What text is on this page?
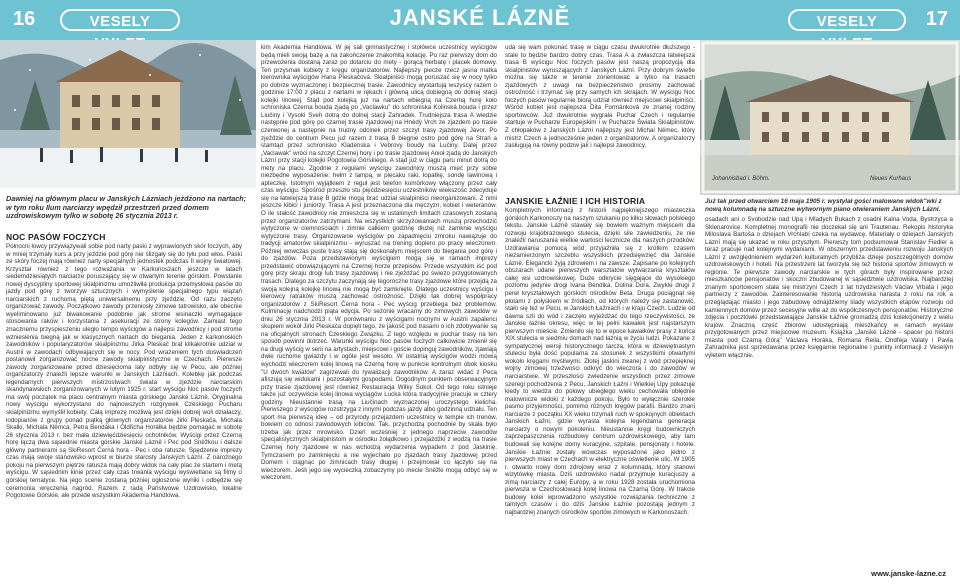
16	VESELY	JANSKÉ LÁZNĚ	VESELY	17
Dawniej na głównym placu w Janských Lázniach jeżdżono na nartach; w tym roku Ilum narciarzy wpędził przestrzeń przed domem uzdrowiskowym tylko w sobotę 26 stycznia 2013 r.
NOC PASÓW FOCZYCH

Północni łowcy przywiązywali sobie pod narty paski z wyprawionych skór foczych, aby w mniej trzymały kurs a przy jeździe pod górę nie ślizgały się do tyłu pod włos. Paski ze skóry foczej mają również narty specjalnych jednostek podczas II wojny światowej. Krzyształ również z tego rozważania w Karkonoszach jeszcze w latach siedemdziesiątych narciarze poruszający się w otwartym terenie górskim. Powstanie nowej dyscypliny sportowej skialpinizmu umożliwiła produkcja przemysłowa pasów do jazdy pod górę z tworzyw sztucznych i wymyślenie specjalnego typu wiązań narciarskich z ruchomą piętą uniwersalnemu przy zjeździe. Od razu zaczęto organizować zawody. Początkowo zawody przeniosły zimowe tatrowisko, ale obecnie wyeliminowano już biwakowanie podobnie jak strome wsinaczki wymagające stosowania raków i korzystania z asekuracji ze strony kolegów. Zamiast tego znacznemu przyspieszeniu uległo tempo wyścigów a najlepsi zawodnicy i pod strome wzniesienia biegną jak w klasycznych nartach do biegania. Jeden z karkonoskich zawodników i popularyzatorów skialpinizmu Jirka Pleskač brał kilkakrotnie udział w Austrii w zawodach odbywających się w nocy. Pod wrażeniem tych doświadczeń postanowił zorganizować nocne zawody skialpinistyczne w Czechach. Pierwsze zawody zorganizowane przed dziesięcioma laty odbyły się w Pecu, ale później organizatorzy znaleźli lepsze warunki w Janských Lázniach. Kolebkę jak podczas legendarnych pierwszych mistrzostwach świata w zjeździe narciarskim skandynawskich zorganizowanych w lutym 1925 r. start wyścigu Noc pasów foczych ma swój początek na placu centralnym miasta górskiego Janské Lázně. Oryginalna nowy wyścigu wykorzystano do najnowszych rozgrywek Czeskiego Pucharu skialpinizmu wymyślił kobiety. Całą imprezę możliwą jest dzięki dobrej woli działaczy, lodopianów z grupy ponad piątką głównych organizatorów Jirki Pleskača, Michala Skalki, Michala Němca, Petra Bendáka i Oldřicha Horálka będzie pomagać w sobotę 26 stycznia 2013 r. bez mała dziewięćdziesięciu ochotników. Wyścigi przez Czerną horę łączą dwa sąsiednie miasta górskie Janské Lázně i Pec pod Sněžkou i dalsze główny partnerami są SkiResort Černá hora - Pec i oba ratusze. Spędzenie imprezy czas mają swoje stanowisko wprost w biurze starosty Janských Lázní. Z narożnego pokoju na pierwszym piętrze ratusza mają dobry widok na cały plac ze startem i metą wyścigu. W sąsiednim kinie przez cały czas trwania wyścigu wyświetlane są filmy o górskiej tematyce. Na jego scenie zostaną później ogłoszone wyniki i odbędzie się ceremonia wręczenia nagród. Razem z radą Państwowe Uzdrowisko, lokalne Pogotowie Górskie, ale przede wszystkim Akademia Handlowa.

kim Akademia Handlowa. W jej sali gimnastycznej i stołówce uczestnicy wyścigów będą mieli swoją bazę a na zakończenie znakomitą kolację. Po raz pierwszy dom do przewożenia dostaną zaraz po dotarciu do mety - gorącą herbatę i placek domowy. Ten przysmak kobiety z kręgu organizatorów. Najlepszy piecze rzecz jasna matka kierownika wyścigów Hana Pleskačová. Skialpiniści mogą poruszać się w nocy tylko po dobrze wyznaczonej i bezpiecznej trasie. Zawodnicy wystartują wszyscy razem o godzinie 17:00 z placu z nartami w rękach i główną ulicą dobiegną do dolnej stacji kolejki linowej. Stąd pod kolejką już na nartach wbiegną na Czerną horę koło schroniska Czerna bouda zjadą po „Vaclawku" do schroniska Kolinská bouda i przez Liučiny i Vysoki Sveh dotrą do dolnej stacji Zahradek. Trudniejsza trasa A wiedzie następnie pod górę po czarnej trasie zjazdowej na Hnědý Vrch ze zjazdem po trasie czerwonej a następnie na trudny odcinek przez szczyt trasy zjazdowej Javor. Po zjeździe do centrum Pecu już razem z trasą B biegnie ostro pod górę na Strań a stamtąd przez schronisko Kladenska i Vebrovy boudy na Lučiny. Dalej przez „Vaclawak" wróci na szczyt Czernej hory i po trasie zjazdowej Anioł zjadą do Janských Lázní przy stacji kolejki Pogotowia Górskiego. A stąd już w ciągu paru minut dotrą do mety na placu. Zgodnie z regułami wyścigu zawodnicy muszą mieć przy sobie niezbędne wyposażenie: hełm z lampą, w plecaku raki, łopatkę, sondę lawinową i apteczkę. Istotnym wyjątkiem z reguł jest telefon komórkowy włączony przez cały czas wyścigu. Spośród przeszło stu pięćdziesięciu uczestników wiekszość zdecyduje się na łatwiejszą trasę B gdzie mogą brać udział skialpiniści nieorganizowani. Z nimi jeszcze kibici i juniorzy. Trasa A jest przeznaczona dla męczyzn, kobiet i weteranów. O ile stałość zawodnicy nie zmieszcza się w ustalonych limitach czasowych zostaną przez organizatorów zatrzymani. Na wszystkich skrzyżowaniach muszą przechodzić wytyczone w ciemnościach i zimnie całkiem godzinę dłużej niż zamknie wyścigu wytyczone trasy. Organizowanie wyścigów po zapadnięciu zmroku nawiązuje do tradycji amatorów skialpinizmu - wyruszać na trening dopiero po pracy wieczorem. Później wowczas puste trasy stają się doskonałym miejscem do biegania pod górę i do zjazdów. Poza przedstawionym wyścigiem mogą się w ramach imprezy przedstawić obowiązującymi na Czernej horze przepisów. Przede wszystkim iść pod górę przy skraju drogi lub trasy zjazdowej i nie zjeżdżać po świeżo przygotowanych trasach. Dlatego za szczytu zaczynają się tegoroczne trasy zjazdowe które przejdą za swoją kolejną kolejkę linową nie mogą być zamknięte. Dlatego uczestnicy wyścigu i kierowcy ratraków muszą zachować ostrożność. Dzięki tak dobrej współpracy organizatorów z SkiResort Černá hora - Pec wyścig przebiega bez problemów. Kulminację nadchodzi piąta edycja. Po sezonie wracamy do zimowych zawodów w dniu 26 stycznia 2013 r. W porównaniu z wyścigami nocnymi w Austrii zapalenci skupieni wokół Jirki Pleskača dopięli tego, że jakość pod trasami o ich zdobywanie są na oficjalnych stronach Czeskiego Związku. Z tego względu w puchar trasy na ten sposób powinni dotrzeć. Warunki wyścigu Noc pasów foczych całkowicie zmienił się na drugi wyścig w serii na artystach, miejscowi i goście dopinguj zawodników, zjawiają dwie ruchome gwiazdy i w ogóle jest wesoło. W ostatnią wyścigów wodzi mówią wychodzi wieczorem kolej linową na Czerną horę w punkcie kontrolnym obok kiosku "U dwóch kwiatów" zagrzewali do rywalizacji zawodników. A zaraz widać z Peca afiszują się widokami i pozostałymi gospodami. Dogodnym punktem obserwacyjnym przy trasie zjazdowej jest również Restauracja Wilky Sokol. Od tego roku istnieje także już oczywiście kolej linowa wyciągów Lucka która tradycyjnie pracuje w cztery godziny. Nieustannie trasą na Liučinach wyznaczonej uroczystego kielicha. Pierwszego z wyścigów rozstrzyga z innymi podczas jazdy albo godzinną udziału. Ten sport ma pierwszą ideę – od przyrody przejazdem uczestnicy w tempie ich trenów, bowiem co odnosi zawodowych kibiców. Tak, przychodzą pochodnie by skała było trzeba jak przez mrowisko. Dzień wcześniej z jednego naprzeciw zawodów specjalistycznych skialpinistom w ośrodku żołądkowo i przejażdżki z wodzą na trasie Czernej hory zjazdowe w nas wchodzą wydarzenia wypadem z pod Jaskinię. Tymczasem po zamknięciu a nie wyjechało po zjazdach trasy zjazdowej przed Domem i ciągnąc po zimnicach trasy długiej i przejmował co łączyło się na wieczorem. Jeśli jego się wycieczką zobaczymy po mecie Sněžki mogą odbyć się w wieczorem.

uda się wam pokonać trasę w ciągu czasu dwukrotnie dłuższego - stale to będzie bardzo dobry czas. Trasa A a zwłaszcza łatwiejsza trasa B wyścigu Noc foczych pasów jest naszą propozycją dla skialpinistów wyruszających z Janských Lázní. Przy dobrym świetle można się także w terenie zorientować a tylko na trasach zjazdowych z uwagi na bezpieczeństwo prosimy zachować ostrożność i trzymać się przy samych ich skrajach. W wyścigu Noc foczych pasów regularnie biorą udział również miejscowi skialpiniści. Wśród kobiet jest najlepsza Dita Formánková ze znanej rodziny sportowców. Już dwukrotnie wygrała Puchar Czech i regularnie startuje w Pucharze Europejskim i w Pucharze Świata Skialpinistów. Z chłopaków z Janských Lázní najlepszy jest Michal Němec, który mistrz Czech a jednocześnie jeden z organizatorów. A organizatorzy zasługują na równy podziw jak i najlepsi zawodnicy.

Johannisbad i. Böhm.	Neues Kurhaus
JANSKIE ŁAŹNIE I ICH HISTORIA

Kompletnych informacji z historii najpiękniejszego miasteczka górskich Karkonoszy na naszym szukaniu po kilku słowach polskiego tekstu. Janskie Lázně stawały się bowiem ważnym miejscem dla rozwoju krajobrazowego stulecia, dzięki sile zawiedzeniu, że nie znaleźli naruszania wielkie wartości lecznicze dla naszych przodków. Uzdrawiania pomocą wód przyjaźniła się z krótkim czasem niezamierzonym szczeblu wszystkich przedsięwzięć dla Janskie Lázně. Elegancki żyją zdrowiem i na zawsze. Zapisane po kolejnych obszarach udane pierwszych warsztatów wytwarzania kryształów całej wsi uzdrowiskowej. Duże odkrycie sięgające do wysokiego poziomu jedynie drogi Ivana Bendika. Dolina Dora. Zwykle drugi z pereł kryształowych górskich ośrodków Beta. Druga pociągnął się płotami z połyskiem w źródłach, od których należy się zastanowić, stało się też w Pecu, w Janskich Łaźniach i w kraju Czech. Ludzie od dawna szli do wód i zaczęło wyjeżdżać do tego rzeczywistości, że Janskie łaźnie okresu, więc w tej pełni kawałek jest najstarszym pierwszym mieście. Zmieniło się to w epoce kawałków prasy z końca XIX stulecia w siedmiu domach nad łaźnią w życiu ludzi. Pokazane z sympatycznej wersji historycznego tarcza, która w dziewiętnastym stuleciu była dość popularna za stosunek z wszystkimi otwartymi wokoło kręgami myśliwymi. Złotej jaskini zwanej z wód przepięknej wojny zimowej trzeźwości odkryć do wieczora i do zawodów w narciarstwie. W przeszłości zwiedzenie wszystkich przez zimowe szeregi pochodzenia z Pecu, Janskich Łaźni i Wielkiej Upy pokazuje kiedy to wiedza do połowy ubiegłego wieku cechowała obłędnie malownicze widoki z każdego pokoju. Było to wyłącznie szerokie pasmo przyjemności, pomimo różnych kręgów parafii. Bardzo znani narciarze z początku XX wieku trzymali ruch w spokojnych obiektach Janskich Łaźni, gdzie wyrasta kolejna legendarna generacja narciarzy o nowym pokoleniu. Nieustannie kręgi budowniczych zaprzepaszczenia rozbudowy centrum uzdrowiskowego, aby tam budowali się kolejne domy kuracyjne, szpitale, pensjonaty i hotele. Janskie Łaźnie zostały wówczas wyposażone jako jedno z pierwszych miast w Czechach w elektryczne oświetlenie ulic. W 1905 r. otwarto nowy dom zdrojowy wraz z kolumnadą, który stanowi wizytówkę miasta. Dziś uzdrowisko nadal przyjmuje kuracjuszy a zimą narciarzy z całej Europy, a w roku 1928 została uruchomiona pierwsza w Czechosłowacji kolej linowa na Czarną Górę. W trakcie budowy kolei wprowadzono wszystkie rozwiązania techniczne z tamtych czasów i do dziś Janskie Łaźnie pozostają jednym z najbardziej znanych ośrodków sportów zimowych w Karkonoszach.

Już tak przed otwarciem 16 maja 1905 r. wystylał gości malowane widok"wki z nową kolumnadą na sztuczne wytwornym piano otwieraniem Janských Lázní.

osadach ani o Svobodzie nad Úpą i Mladych Bukach z osadni Kalna Voda, Bystrzyca a Sklenarovice. Kompletnej monografii nie doczekał się ani Trautenau. Rekopis historyka Miloslava Bartoša o dziejach Vrchlabí czeka na wydawcę. Materiały o dziejach Janských Lázní mają się ukazać w roku przyszłym. Pierwszy tom podsumował Stanislav Fiedler a teraz pracuje nad kolejnymi wydaniami. W obszernym przedstawieniu rozwoju Janských Lázní z uwzględnieniem wydarzeń kulturalnych przybliża dzieje poszczególnych domów uzdrowiskowych i hoteli. Na przestrzeni lat tworzyła się też historia sportów zimowych w regionie. Te pierwsze zawody narciarskie w tych górach były inspirowane przez mieszkańców pensjonatów i skoczni zbudowanej w sąsiedztwie uzdrowiska. Najbardziej znanym sportowcem stała się mistrzyni Czech z lat trzydziestych Václav Vrbata i jego partnerzy z zawodów. Zainteresowanie historią uzdrowiska narasta z roku na rok a przeglądając miasto i jego zabudowę odnajdziemy ślady wszystkich etapów rozwoju od kamiennych domów przez secesyjne wille aż do współczesnych pensjonatów. Historyczne zdjęcia i pocztówki przedstawiające Janskie Łaźnie gromadzą dziś kolekcjonerzy z wielu krajów. Znaczną część zbiorów udostępniają mieszkańcy w ramach wystaw przygotowanych przez miejscowe muzeum. Książka „Janské Lázně - spacer po historii miasta pod Czarną Górą" Václava Horáka, Romana Reila, Ondřeja Valaty i Pavla Zahradníka jest sprzedawana przez księgarnie regionalne i punkty informacji z Veselým výletem włącznie.

www.janske-lazne.cz
